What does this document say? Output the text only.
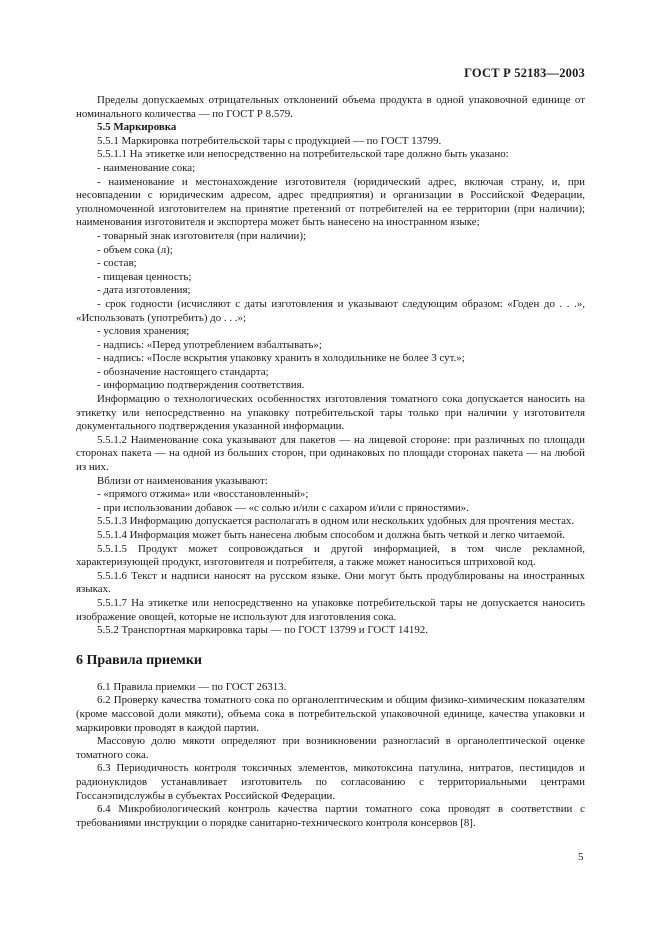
ГОСТ Р 52183—2003

Пределы допускаемых отрицательных отклонений объема продукта в одной упаковочной единице от номинального количества — по ГОСТ Р 8.579.

5.5 Маркировка

5.5.1 Маркировка потребительской тары с продукцией — по ГОСТ 13799.

5.5.1.1 На этикетке или непосредственно на потребительской таре должно быть указано:

- наименование сока;

- наименование и местонахождение изготовителя (юридический адрес, включая страну, и, при несовпадении с юридическим адресом, адрес предприятия) и организации в Российской Федерации, уполномоченной изготовителем на принятие претензий от потребителей на ее территории (при наличии); наименования изготовителя и экспортера может быть нанесено на иностранном языке;

- товарный знак изготовителя (при наличии);

- объем сока (л);

- состав;

- пищевая ценность;

- дата изготовления;

- срок годности (исчисляют с даты изготовления и указывают следующим образом: «Годен до . . .», «Использовать (употребить) до . . .»;

- условия хранения;

- надпись: «Перед употреблением взбалтывать»;

- надпись: «После вскрытия упаковку хранить в холодильнике не более 3 сут.»;

- обозначение настоящего стандарта;

- информацию подтверждения соответствия.

Информацию о технологических особенностях изготовления томатного сока допускается наносить на этикетку или непосредственно на упаковку потребительской тары только при наличии у изготовителя документального подтверждения указанной информации.

5.5.1.2 Наименование сока указывают для пакетов — на лицевой стороне: при различных по площади сторонах пакета — на одной из больших сторон, при одинаковых по площади сторонах пакета — на любой из них.

Вблизи от наименования указывают:

- «прямого отжима» или «восстановленный»;

- при использовании добавок — «с солью и/или с сахаром и/или с пряностями».

5.5.1.3 Информацию допускается располагать в одном или нескольких удобных для прочтения местах.

5.5.1.4 Информация может быть нанесена любым способом и должна быть четкой и легко читаемой.

5.5.1.5 Продукт может сопровождаться и другой информацией, в том числе рекламной, характеризующей продукт, изготовителя и потребителя, а также может наноситься штриховой код.

5.5.1.6 Текст и надписи наносят на русском языке. Они могут быть продублированы на иностранных языках.

5.5.1.7 На этикетке или непосредственно на упаковке потребительской тары не допускается наносить изображение овощей, которые не используют для изготовления сока.

5.5.2 Транспортная маркировка тары — по ГОСТ 13799 и ГОСТ 14192.

6 Правила приемки

6.1 Правила приемки — по ГОСТ 26313.

6.2 Проверку качества томатного сока по органолептическим и общим физико-химическим показателям (кроме массовой доли мякоти), объема сока в потребительской упаковочной единице, качества упаковки и маркировки проводят в каждой партии.

Массовую долю мякоти определяют при возникновении разногласий в органолептической оценке томатного сока.

6.3 Периодичность контроля токсичных элементов, микотоксина патулина, нитратов, пестицидов и радионуклидов устанавливает изготовитель по согласованию с территориальными центрами Госсанэпидслужбы в субъектах Российской Федерации.

6.4 Микробиологический контроль качества партии томатного сока проводят в соответствии с требованиями инструкции о порядке санитарно-технического контроля консервов [8].

5
